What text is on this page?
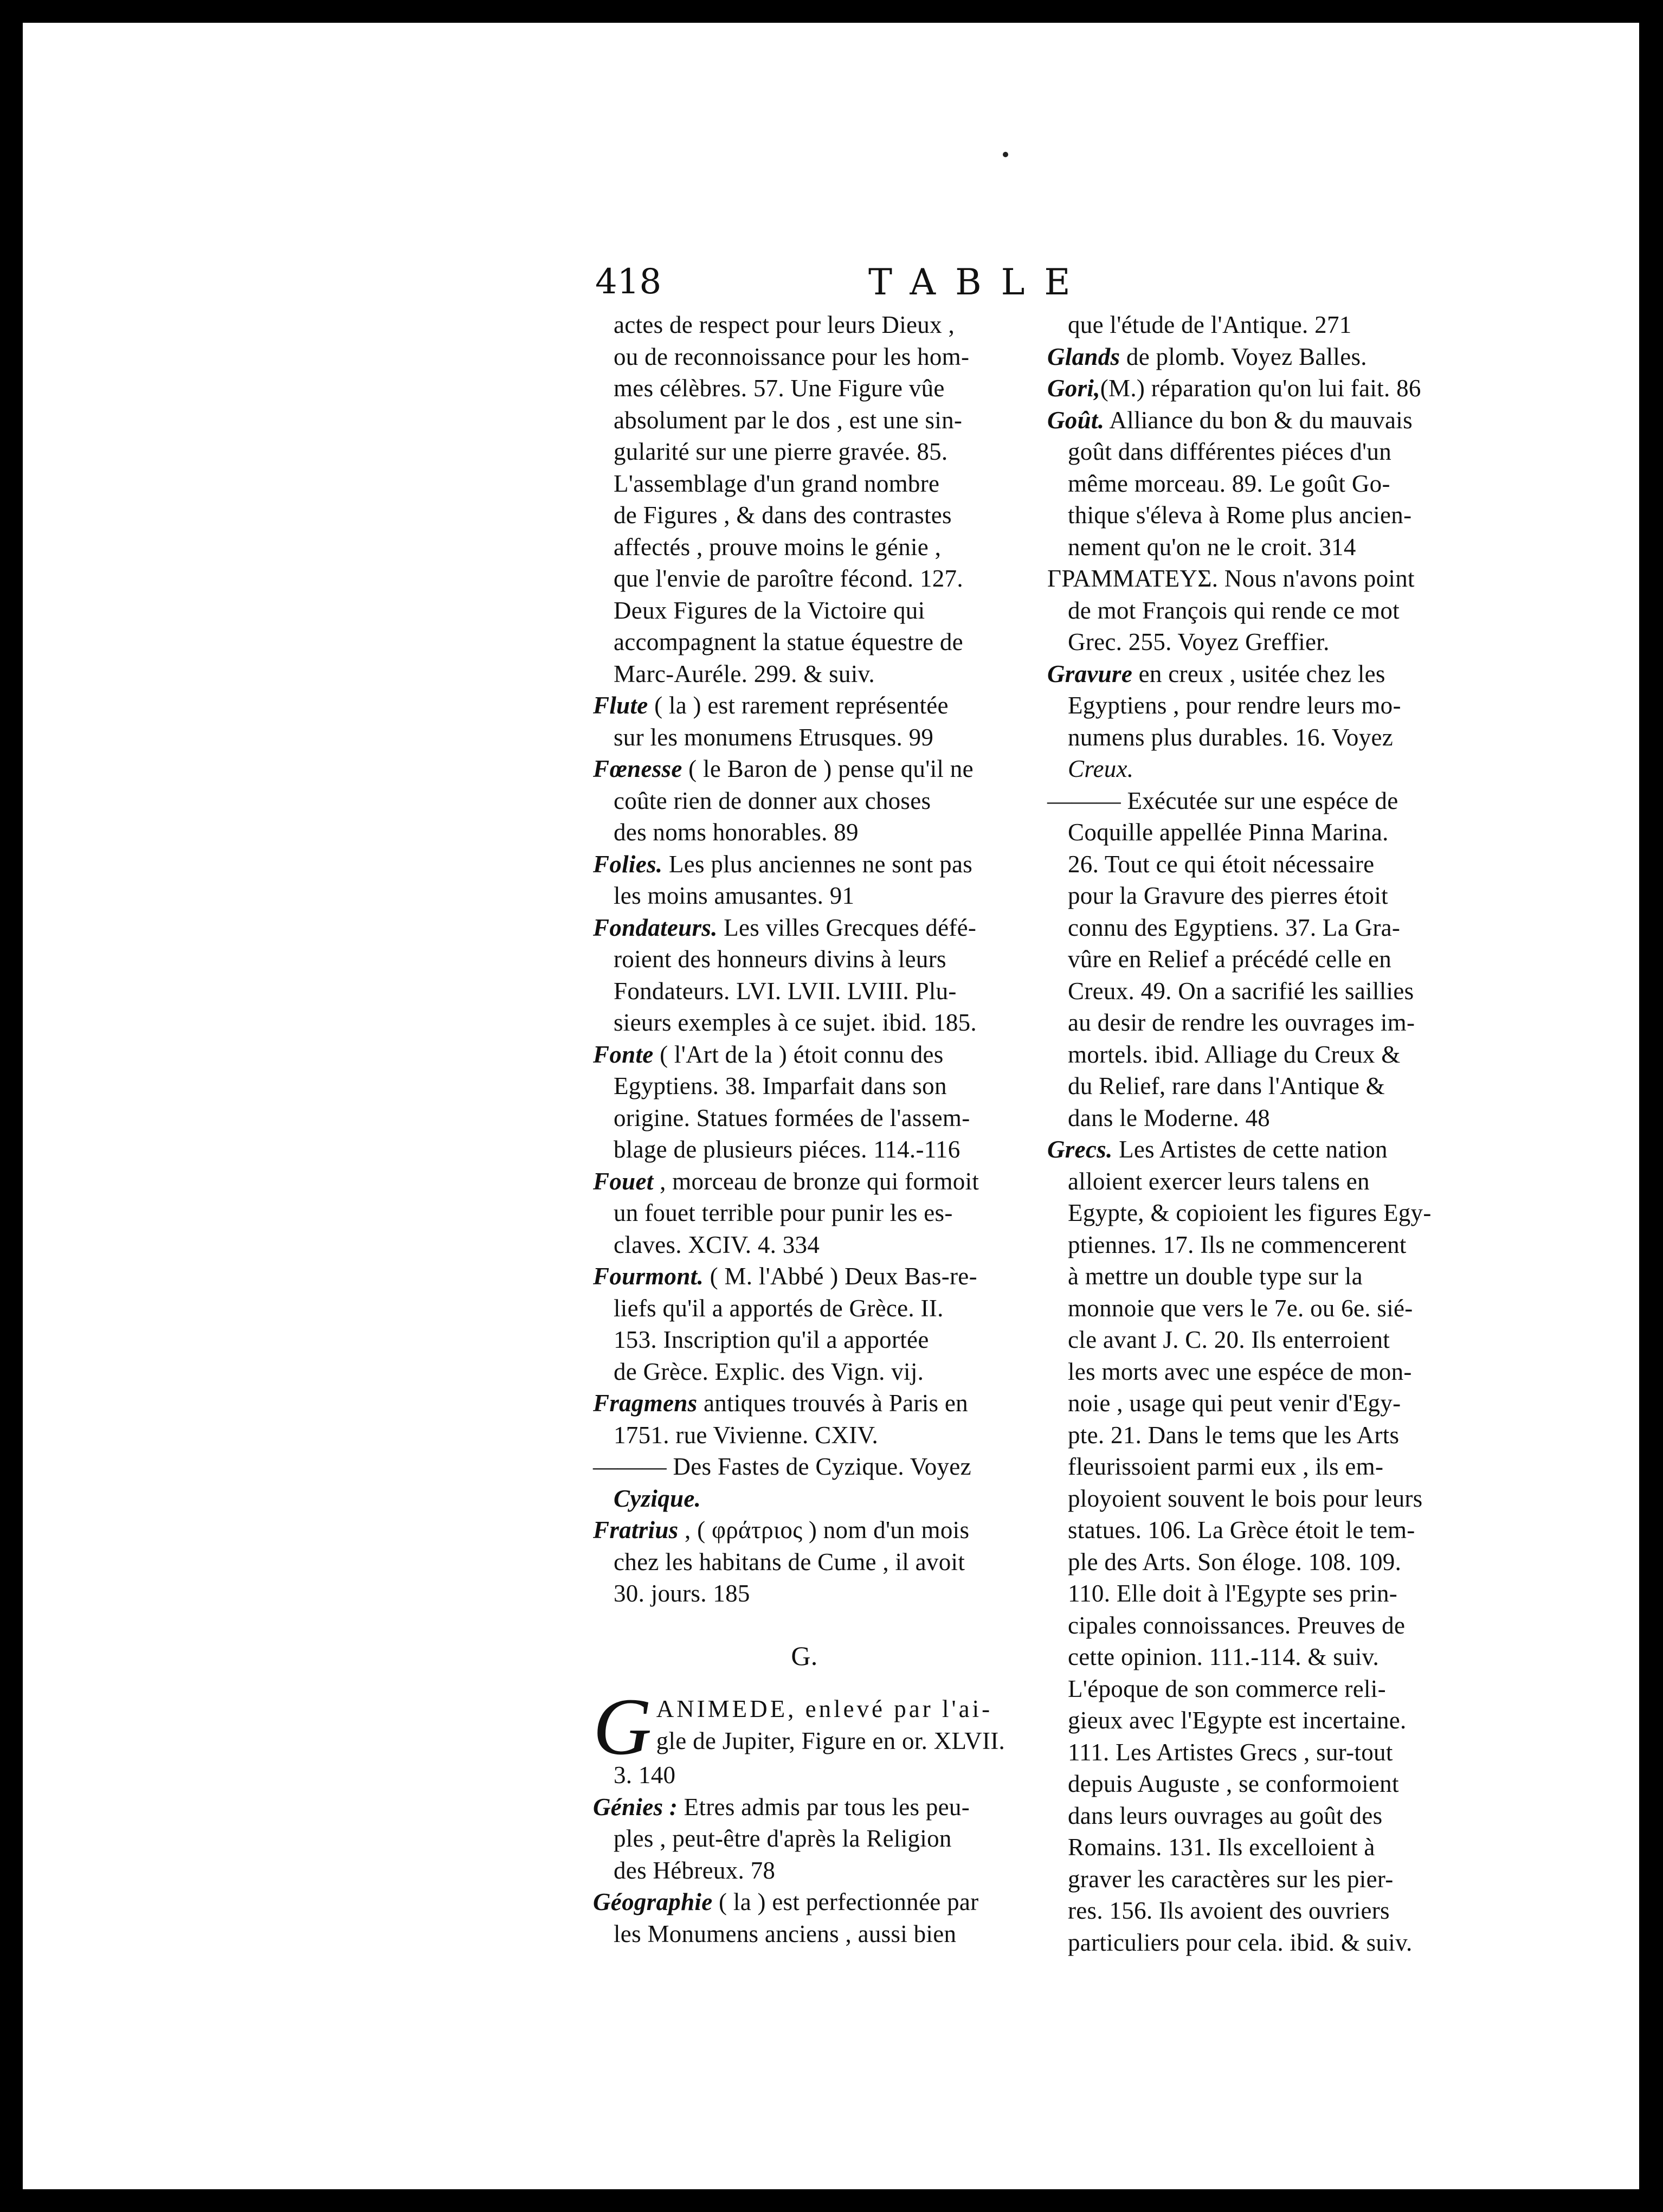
418	TABLE
actes de respect pour leurs Dieux ,
ou de reconnoissance pour les hom-
mes célèbres. 57. Une Figure vûe
absolument par le dos , est une sin-
gularité sur une pierre gravée. 85.
L'assemblage d'un grand nombre
de Figures , & dans des contrastes
affectés , prouve moins le génie ,
que l'envie de paroître fécond. 127.
Deux Figures de la Victoire qui
accompagnent la statue équestre de
Marc-Auréle. 299. & suiv.
Flute ( la ) est rarement représentée
sur les monumens Etrusques. 99
Fœnesse ( le Baron de ) pense qu'il ne
coûte rien de donner aux choses
des noms honorables. 89
Folies. Les plus anciennes ne sont pas
les moins amusantes. 91
Fondateurs. Les villes Grecques défé-
roient des honneurs divins à leurs
Fondateurs. LVI. LVII. LVIII. Plu-
sieurs exemples à ce sujet. ibid. 185.
Fonte ( l'Art de la ) étoit connu des
Egyptiens. 38. Imparfait dans son
origine. Statues formées de l'assem-
blage de plusieurs piéces. 114.-116
Fouet , morceau de bronze qui formoit
un fouet terrible pour punir les es-
claves. XCIV. 4. 334
Fourmont. ( M. l'Abbé ) Deux Bas-re-
liefs qu'il a apportés de Grèce. II.
153. Inscription qu'il a apportée
de Grèce. Explic. des Vign. vij.
Fragmens antiques trouvés à Paris en
1751. rue Vivienne. CXIV.
——— Des Fastes de Cyzique. Voyez
Cyzique.
Fratrius , ( φράτριος ) nom d'un mois
chez les habitans de Cume , il avoit
30. jours. 185
G.
G ANIMEDE, enlevé par l'ai-
gle de Jupiter, Figure en or. XLVII.
3. 140
Génies : Etres admis par tous les peu-
ples , peut-être d'après la Religion
des Hébreux. 78
Géographie ( la ) est perfectionnée par
les Monumens anciens , aussi bien
que l'étude de l'Antique. 271
Glands de plomb. Voyez Balles.
Gori,(M.) réparation qu'on lui fait. 86
Goût. Alliance du bon & du mauvais
goût dans différentes piéces d'un
même morceau. 89. Le goût Go-
thique s'éleva à Rome plus ancien-
nement qu'on ne le croit. 314
ΓΡΑΜΜΑΤΕΥΣ. Nous n'avons point
de mot François qui rende ce mot
Grec. 255. Voyez Greffier.
Gravure en creux , usitée chez les
Egyptiens , pour rendre leurs mo-
numens plus durables. 16. Voyez
Creux.
——— Exécutée sur une espéce de
Coquille appellée Pinna Marina.
26. Tout ce qui étoit nécessaire
pour la Gravure des pierres étoit
connu des Egyptiens. 37. La Gra-
vûre en Relief a précédé celle en
Creux. 49. On a sacrifié les saillies
au desir de rendre les ouvrages im-
mortels. ibid. Alliage du Creux &
du Relief, rare dans l'Antique &
dans le Moderne. 48
Grecs. Les Artistes de cette nation
alloient exercer leurs talens en
Egypte, & copioient les figures Egy-
ptiennes. 17. Ils ne commencerent
à mettre un double type sur la
monnoie que vers le 7e. ou 6e. sié-
cle avant J. C. 20. Ils enterroient
les morts avec une espéce de mon-
noie , usage qui peut venir d'Egy-
pte. 21. Dans le tems que les Arts
fleurissoient parmi eux , ils em-
ployoient souvent le bois pour leurs
statues. 106. La Grèce étoit le tem-
ple des Arts. Son éloge. 108. 109.
110. Elle doit à l'Egypte ses prin-
cipales connoissances. Preuves de
cette opinion. 111.-114. & suiv.
L'époque de son commerce reli-
gieux avec l'Egypte est incertaine.
111. Les Artistes Grecs , sur-tout
depuis Auguste , se conformoient
dans leurs ouvrages au goût des
Romains. 131. Ils excelloient à
graver les caractères sur les pier-
res. 156. Ils avoient des ouvriers
particuliers pour cela. ibid. & suiv.
